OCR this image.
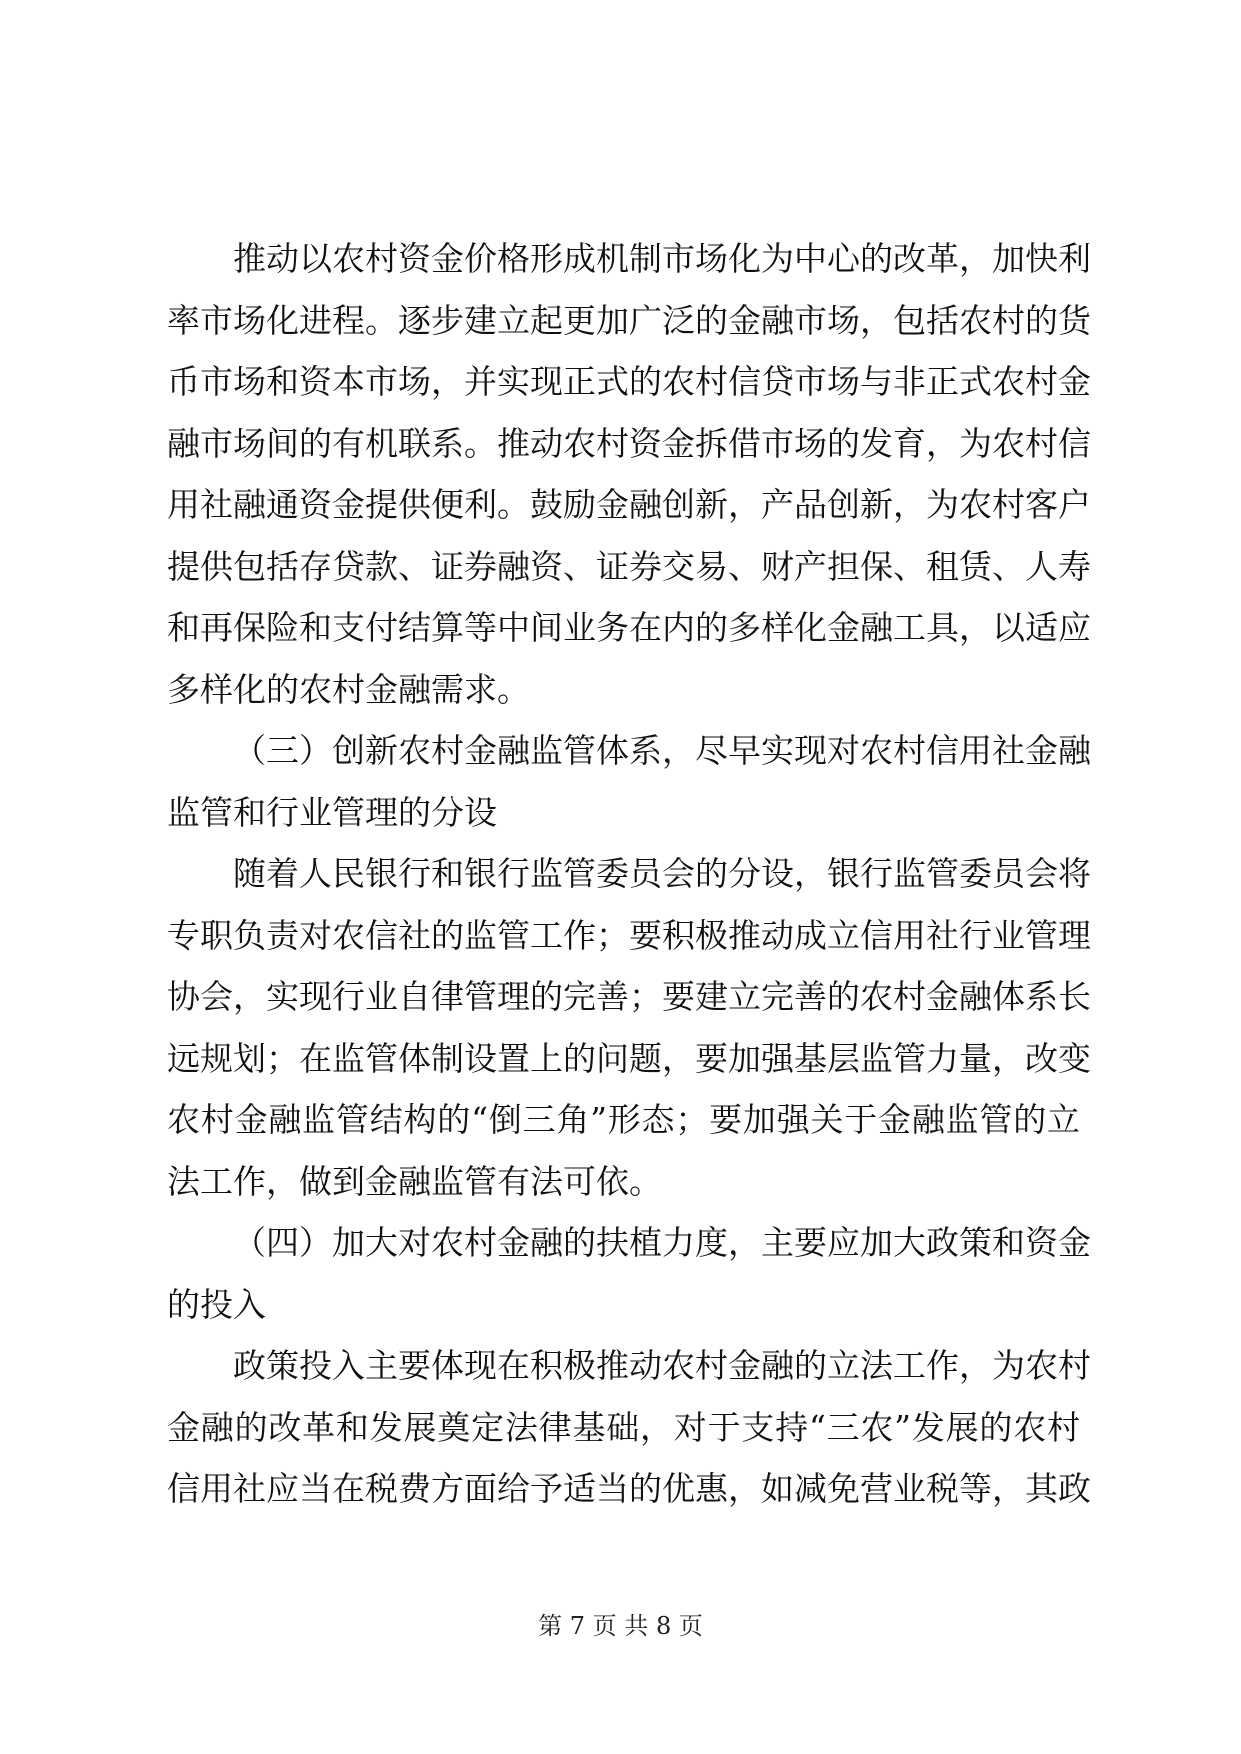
推动以农村资金价格形成机制市场化为中心的改革，加快利
率市场化进程。逐步建立起更加广泛的金融市场，包括农村的货
币市场和资本市场，并实现正式的农村信贷市场与非正式农村金
融市场间的有机联系。推动农村资金拆借市场的发育，为农村信
用社融通资金提供便利。鼓励金融创新，产品创新，为农村客户
提供包括存贷款、证券融资、证券交易、财产担保、租赁、人寿
和再保险和支付结算等中间业务在内的多样化金融工具，以适应
多样化的农村金融需求。
（三）创新农村金融监管体系，尽早实现对农村信用社金融
监管和行业管理的分设
随着人民银行和银行监管委员会的分设，银行监管委员会将
专职负责对农信社的监管工作；要积极推动成立信用社行业管理
协会，实现行业自律管理的完善；要建立完善的农村金融体系长
远规划；在监管体制设置上的问题，要加强基层监管力量，改变
农村金融监管结构的“倒三角”形态；要加强关于金融监管的立
法工作，做到金融监管有法可依。
（四）加大对农村金融的扶植力度，主要应加大政策和资金
的投入
政策投入主要体现在积极推动农村金融的立法工作，为农村
金融的改革和发展奠定法律基础，对于支持“三农”发展的农村
信用社应当在税费方面给予适当的优惠，如减免营业税等，其政
第 7 页 共 8 页
